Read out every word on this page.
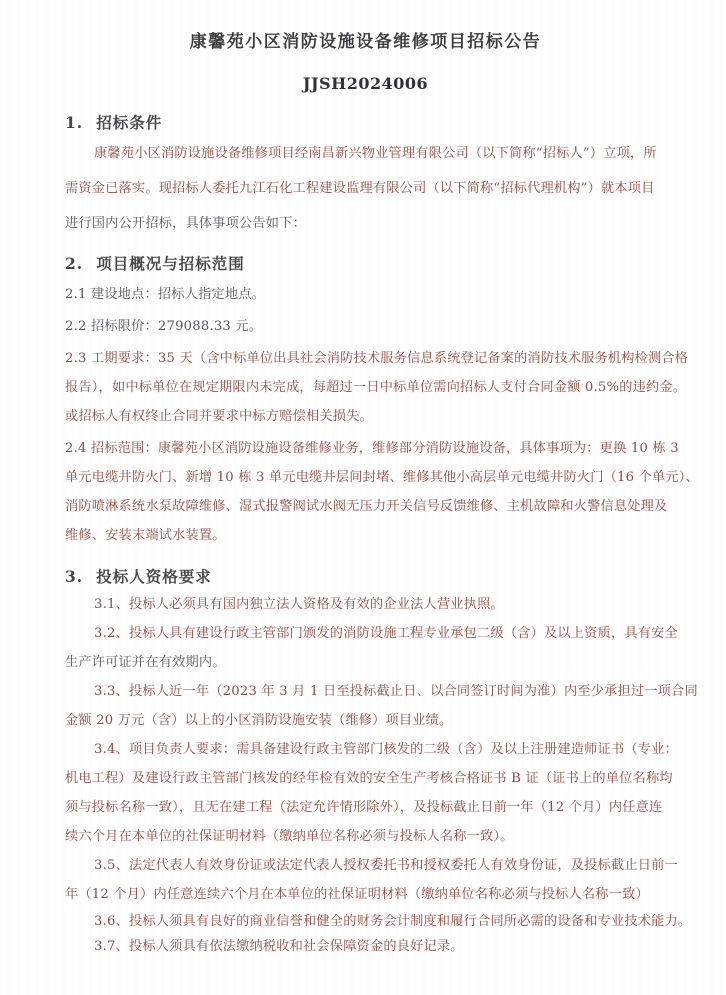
康馨苑小区消防设施设备维修项目招标公告
JJSH2024006
1. 招标条件
康馨苑小区消防设施设备维修项目经南昌新兴物业管理有限公司（以下简称“招标人”）立项，所
需资金已落实。现招标人委托九江石化工程建设监理有限公司（以下简称“招标代理机构”）就本项目
进行国内公开招标，具体事项公告如下：
2. 项目概况与招标范围
2.1 建设地点：招标人指定地点。
2.2 招标限价：279088.33 元。
2.3 工期要求：35 天（含中标单位出具社会消防技术服务信息系统登记备案的消防技术服务机构检测合格
报告），如中标单位在规定期限内未完成，每超过一日中标单位需向招标人支付合同金额 0.5%的违约金。
或招标人有权终止合同并要求中标方赔偿相关损失。
2.4 招标范围：康馨苑小区消防设施设备维修业务，维修部分消防设施设备，具体事项为：更换 10 栋 3
单元电缆井防火门、新增 10 栋 3 单元电缆井层间封堵、维修其他小高层单元电缆井防火门（16 个单元）、
消防喷淋系统水泵故障维修、湿式报警阀试水阀无压力开关信号反馈维修、主机故障和火警信息处理及
维修、安装末端试水装置。
3. 投标人资格要求
3.1、投标人必须具有国内独立法人资格及有效的企业法人营业执照。
3.2、投标人具有建设行政主管部门颁发的消防设施工程专业承包二级（含）及以上资质，具有安全
生产许可证并在有效期内。
3.3、投标人近一年（2023 年 3 月 1 日至投标截止日、以合同签订时间为准）内至少承担过一项合同
金额 20 万元（含）以上的小区消防设施安装（维修）项目业绩。
3.4、项目负责人要求：需具备建设行政主管部门核发的二级（含）及以上注册建造师证书（专业：
机电工程）及建设行政主管部门核发的经年检有效的安全生产考核合格证书 B 证（证书上的单位名称均
须与投标名称一致），且无在建工程（法定允许情形除外），及投标截止日前一年（12 个月）内任意连
续六个月在本单位的社保证明材料（缴纳单位名称必须与投标人名称一致）。
3.5、法定代表人有效身份证或法定代表人授权委托书和授权委托人有效身份证，及投标截止日前一
年（12 个月）内任意连续六个月在本单位的社保证明材料（缴纳单位名称必须与投标人名称一致）
3.6、投标人须具有良好的商业信誉和健全的财务会计制度和履行合同所必需的设备和专业技术能力。
3.7、投标人须具有依法缴纳税收和社会保障资金的良好记录。
